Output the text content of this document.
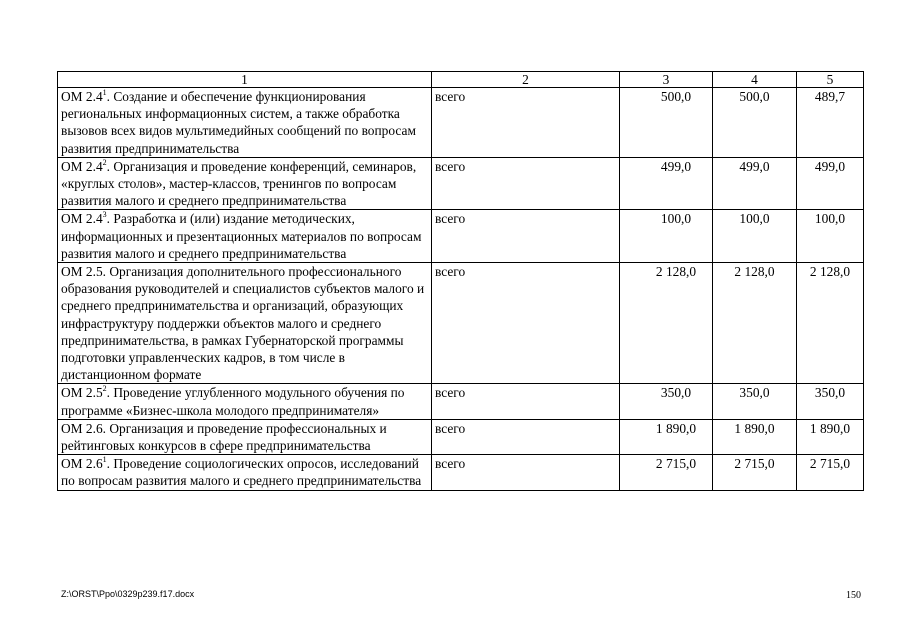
1	2	3	4	5
ОМ $2.4^1$. Создание и обеспечение функционирования региональных информационных систем, а также обработка вызовов всех видов мультимедийных сообщений по вопросам развития предпринимательства	всего	500,0	500,0	489,7
ОМ $2.4^2$. Организация и проведение конференций, семинаров, «круглых столов», мастер-классов, тренингов по вопросам развития малого и среднего предпринимательства	всего	499,0	499,0	499,0
ОМ $2.4^3$. Разработка и (или) издание методических, информационных и презентационных материалов по вопросам развития малого и среднего предпринимательства	всего	100,0	100,0	100,0
ОМ 2.5. Организация дополнительного профессионального образования руководителей и специалистов субъектов малого и среднего предпринимательства и организаций, образующих инфраструктуру поддержки объектов малого и среднего предпринимательства, в рамках Губернаторской программы подготовки управленческих кадров, в том числе в дистанционном формате	всего	2 128,0	2 128,0	2 128,0
ОМ $2.5^2$. Проведение углубленного модульного обучения по программе «Бизнес-школа молодого предпринимателя»	всего	350,0	350,0	350,0
ОМ 2.6. Организация и проведение профессиональных и рейтинговых конкурсов в сфере предпринимательства	всего	1 890,0	1 890,0	1 890,0
ОМ $2.6^1$. Проведение социологических опросов, исследований по вопросам развития малого и среднего предпринимательства	всего	2 715,0	2 715,0	2 715,0
Z:\ORST\Ppo\0329p239.f17.docx	150
